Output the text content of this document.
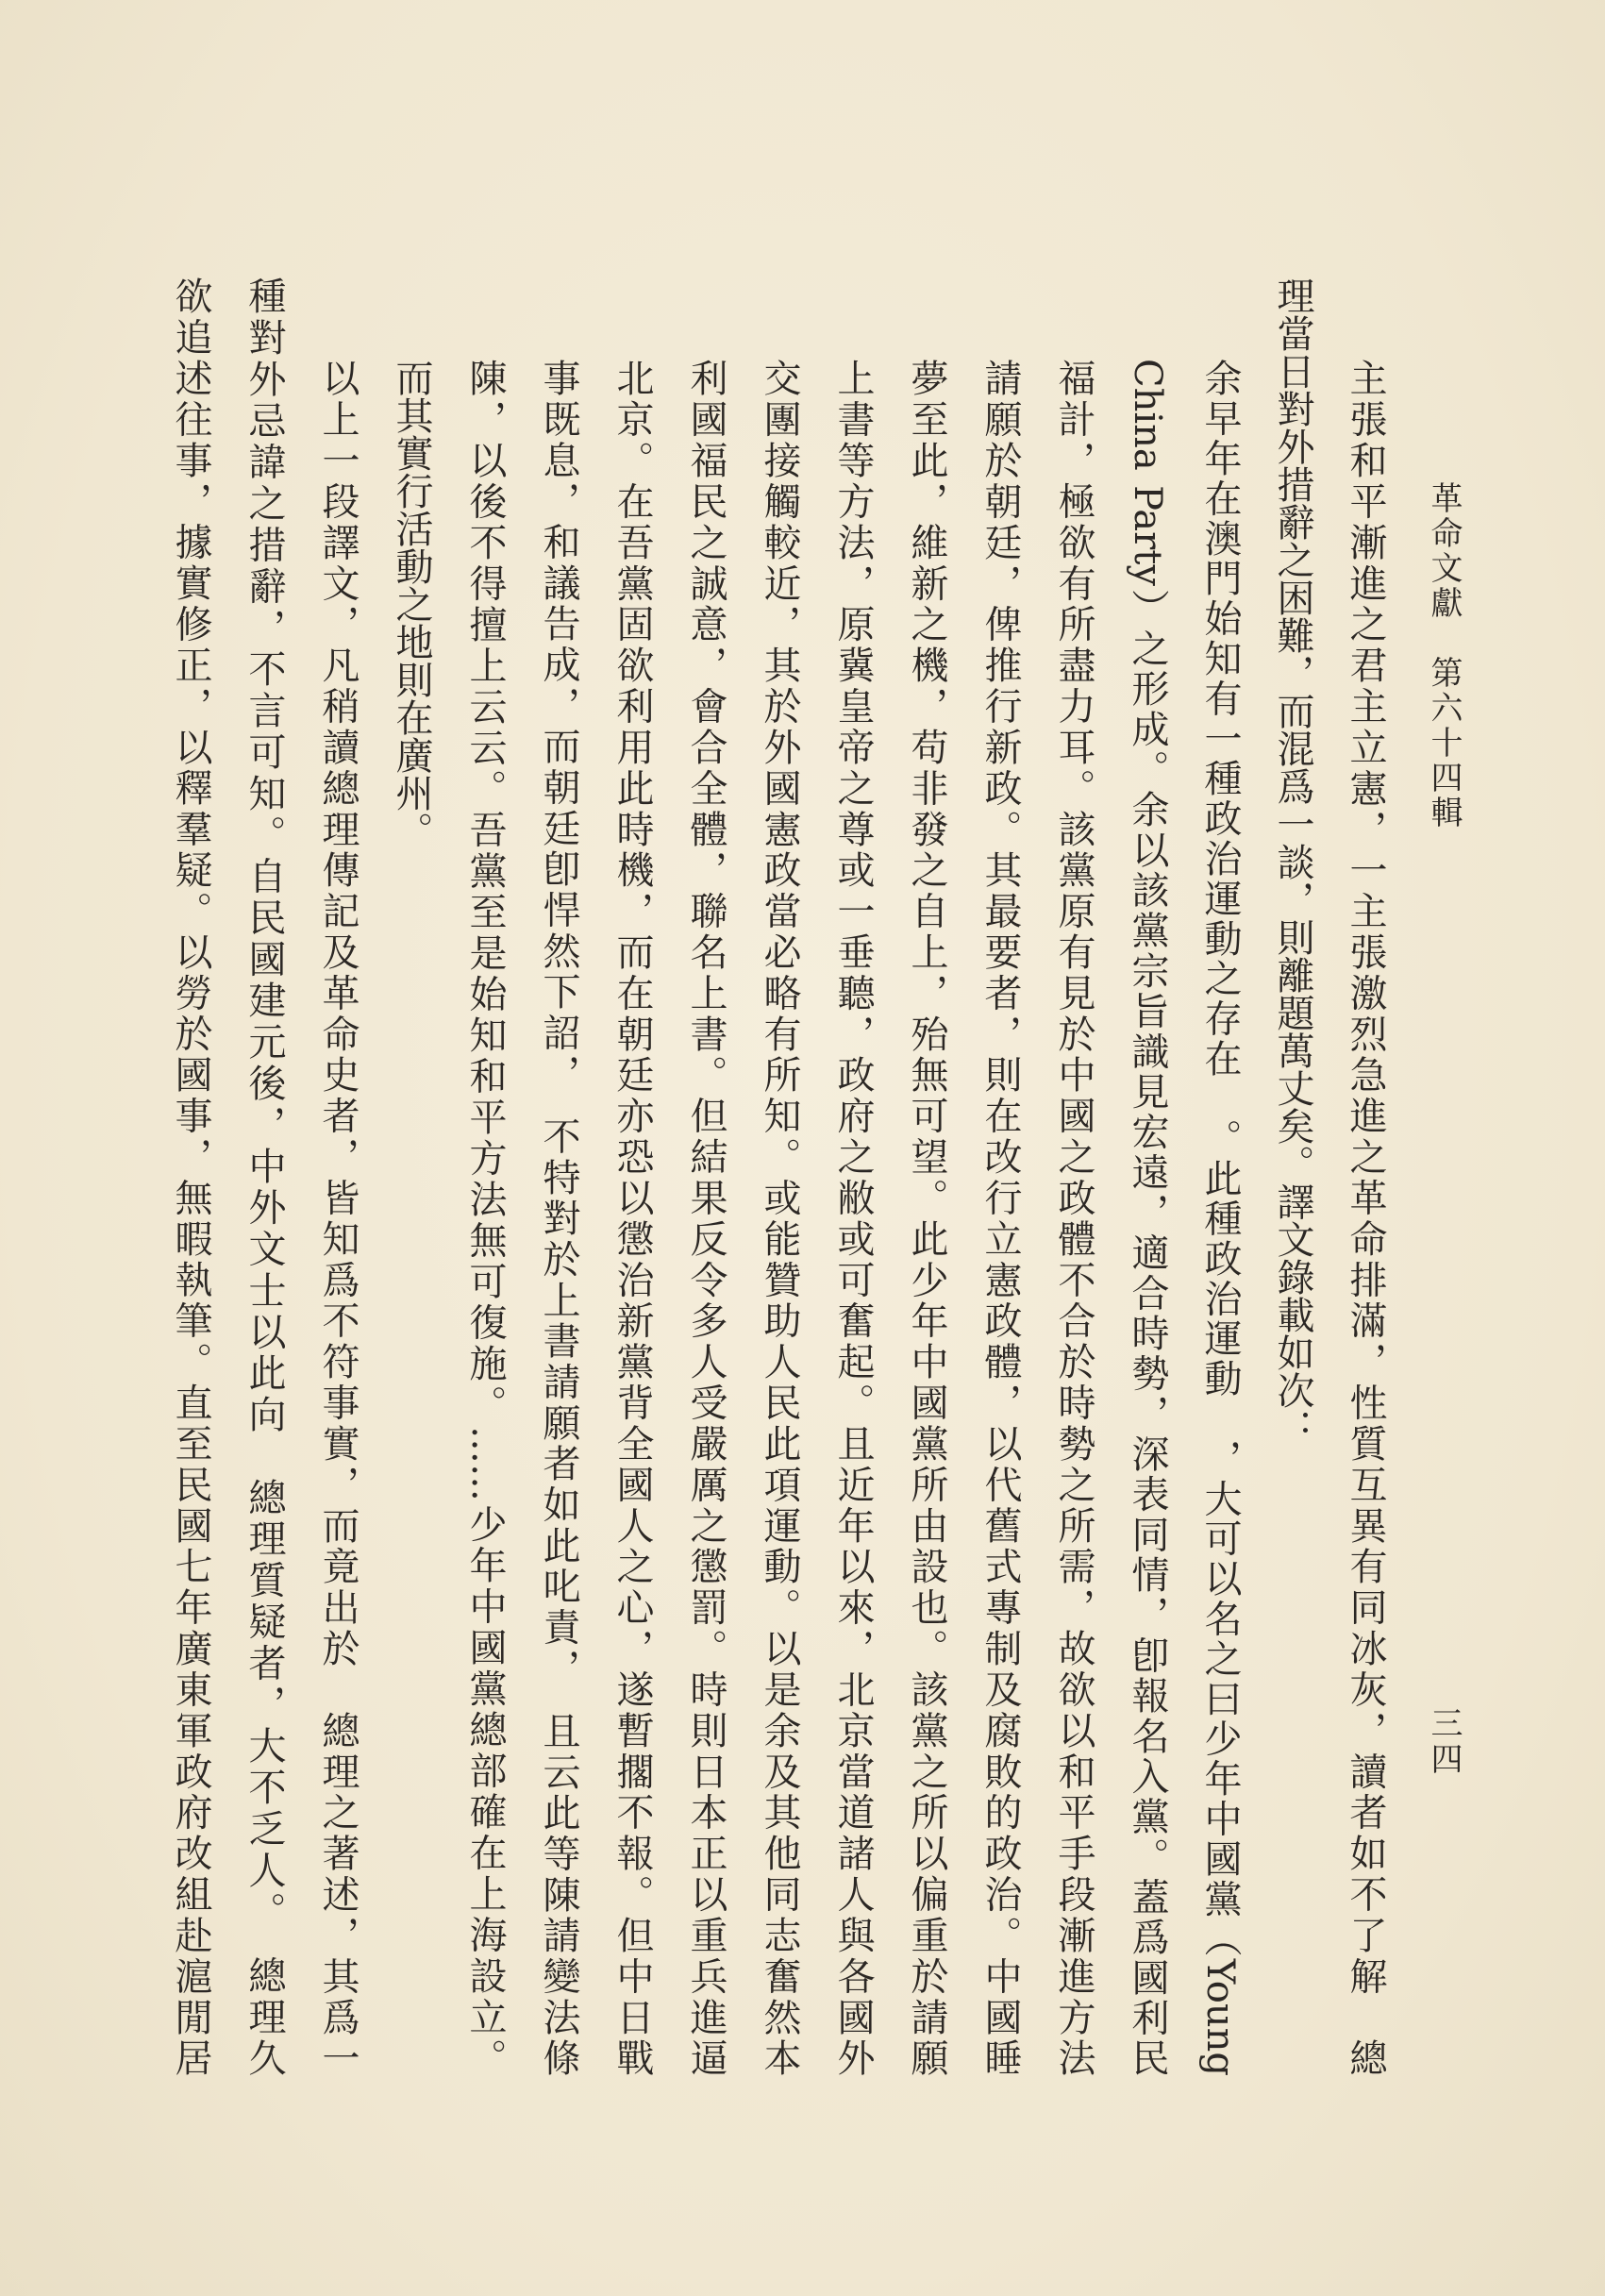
革命文獻　第六十四輯
三四
主張和平漸進之君主立憲，一主張激烈急進之革命排滿，性質互異有同冰灰，讀者如不了解　總
理當日對外措辭之困難，而混爲一談，則離題萬丈矣。譯文錄載如次：
余早年在澳門始知有一種政治運動之存在　。此種政治運動　，大可以名之曰少年中國黨（Young
China Party）之形成。余以該黨宗旨識見宏遠，適合時勢，深表同情，卽報名入黨。蓋爲國利民
福計，極欲有所盡力耳。該黨原有見於中國之政體不合於時勢之所需，故欲以和平手段漸進方法
請願於朝廷，俾推行新政。其最要者，則在改行立憲政體，以代舊式專制及腐敗的政治。中國睡
夢至此，維新之機，苟非發之自上，殆無可望。此少年中國黨所由設也。該黨之所以偏重於請願
上書等方法，原冀皇帝之尊或一垂聽，政府之敝或可奮起。且近年以來，北京當道諸人與各國外
交團接觸較近，其於外國憲政當必略有所知。或能贊助人民此項運動。以是余及其他同志奮然本
利國福民之誠意，會合全體，聯名上書。但結果反令多人受嚴厲之懲罰。時則日本正以重兵進逼
北京。在吾黨固欲利用此時機，而在朝廷亦恐以懲治新黨背全國人之心，遂暫擱不報。但中日戰
事既息，和議告成，而朝廷卽悍然下詔，　不特對於上書請願者如此叱責，　且云此等陳請變法條
陳，以後不得擅上云云。吾黨至是始知和平方法無可復施。……少年中國黨總部確在上海設立。
而其實行活動之地則在廣州。
以上一段譯文，凡稍讀總理傳記及革命史者，皆知爲不符事實，而竟出於　總理之著述，其爲一
種對外忌諱之措辭，不言可知。自民國建元後，中外文士以此向　總理質疑者，大不乏人。　總理久
欲追述往事，據實修正，以釋羣疑。以勞於國事，無暇執筆。直至民國七年廣東軍政府改組赴滬閒居
